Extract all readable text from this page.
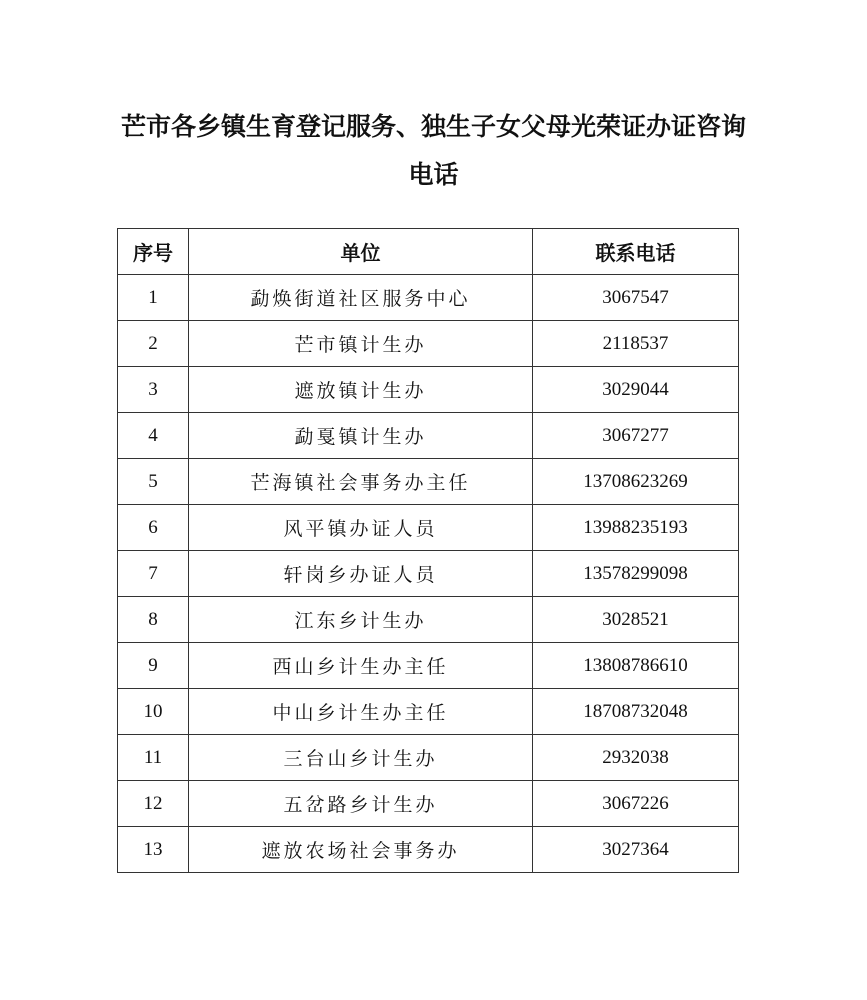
芒市各乡镇生育登记服务、独生子女父母光荣证办证咨询
电话
序号	单位	联系电话
1	勐焕街道社区服务中心	3067547
2	芒市镇计生办	2118537
3	遮放镇计生办	3029044
4	勐戛镇计生办	3067277
5	芒海镇社会事务办主任	13708623269
6	风平镇办证人员	13988235193
7	轩岗乡办证人员	13578299098
8	江东乡计生办	3028521
9	西山乡计生办主任	13808786610
10	中山乡计生办主任	18708732048
11	三台山乡计生办	2932038
12	五岔路乡计生办	3067226
13	遮放农场社会事务办	3027364
